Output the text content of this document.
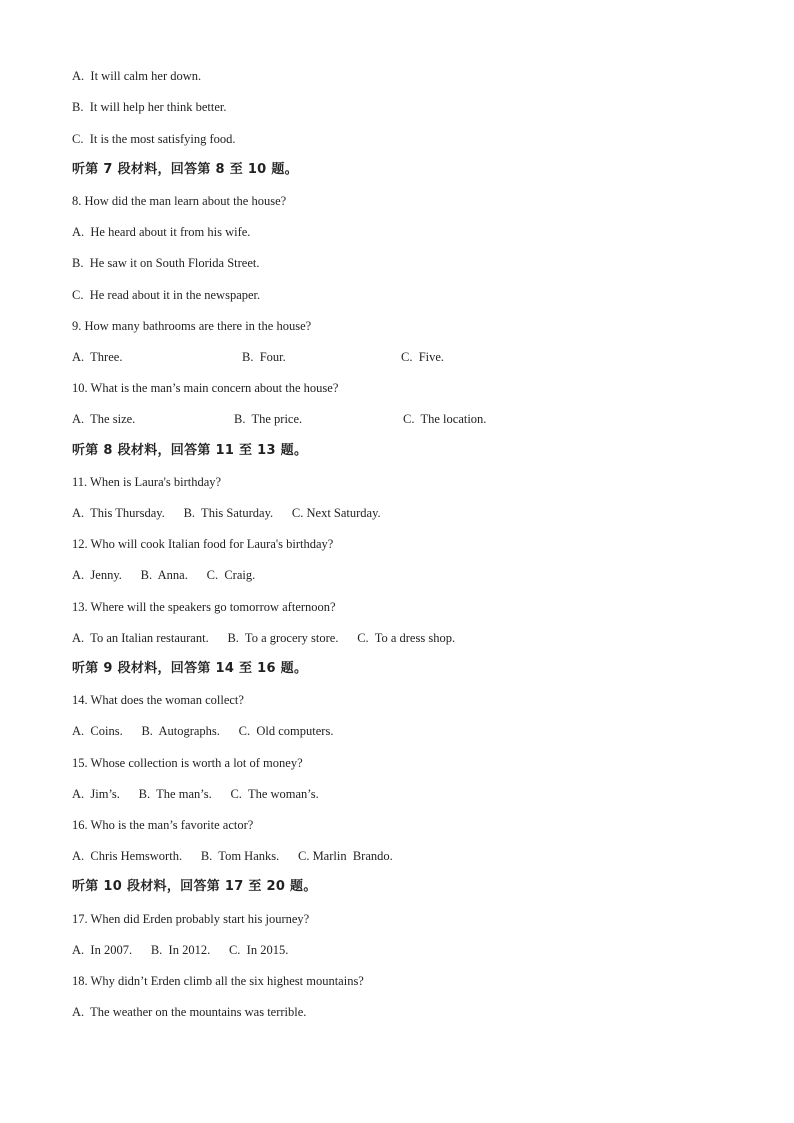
A.  It will calm her down.
B.  It will help her think better.
C.  It is the most satisfying food.
听第 7 段材料，回答第 8 至 10 题。
8. How did the man learn about the house?
A.  He heard about it from his wife.
B.  He saw it on South Florida Street.
C.  He read about it in the newspaper.
9. How many bathrooms are there in the house?
A.  Three.	B.  Four.	C.  Five.
10. What is the man’s main concern about the house?
A.  The size.	B.  The price.	C.  The location.
听第 8 段材料，回答第 11 至 13 题。
11. When is Laura's birthday?
A.  This Thursday.      B.  This Saturday.      C. Next Saturday.
12. Who will cook Italian food for Laura's birthday?
A.  Jenny.      B.  Anna.      C.  Craig.
13. Where will the speakers go tomorrow afternoon?
A.  To an Italian restaurant.      B.  To a grocery store.      C.  To a dress shop.
听第 9 段材料，回答第 14 至 16 题。
14. What does the woman collect?
A.  Coins.      B.  Autographs.      C.  Old computers.
15. Whose collection is worth a lot of money?
A.  Jim’s.      B.  The man’s.      C.  The woman’s.
16. Who is the man’s favorite actor?
A.  Chris Hemsworth.      B.  Tom Hanks.      C. Marlin  Brando.
听第 10 段材料，回答第 17 至 20 题。
17. When did Erden probably start his journey?
A.  In 2007.      B.  In 2012.      C.  In 2015.
18. Why didn’t Erden climb all the six highest mountains?
A.  The weather on the mountains was terrible.
